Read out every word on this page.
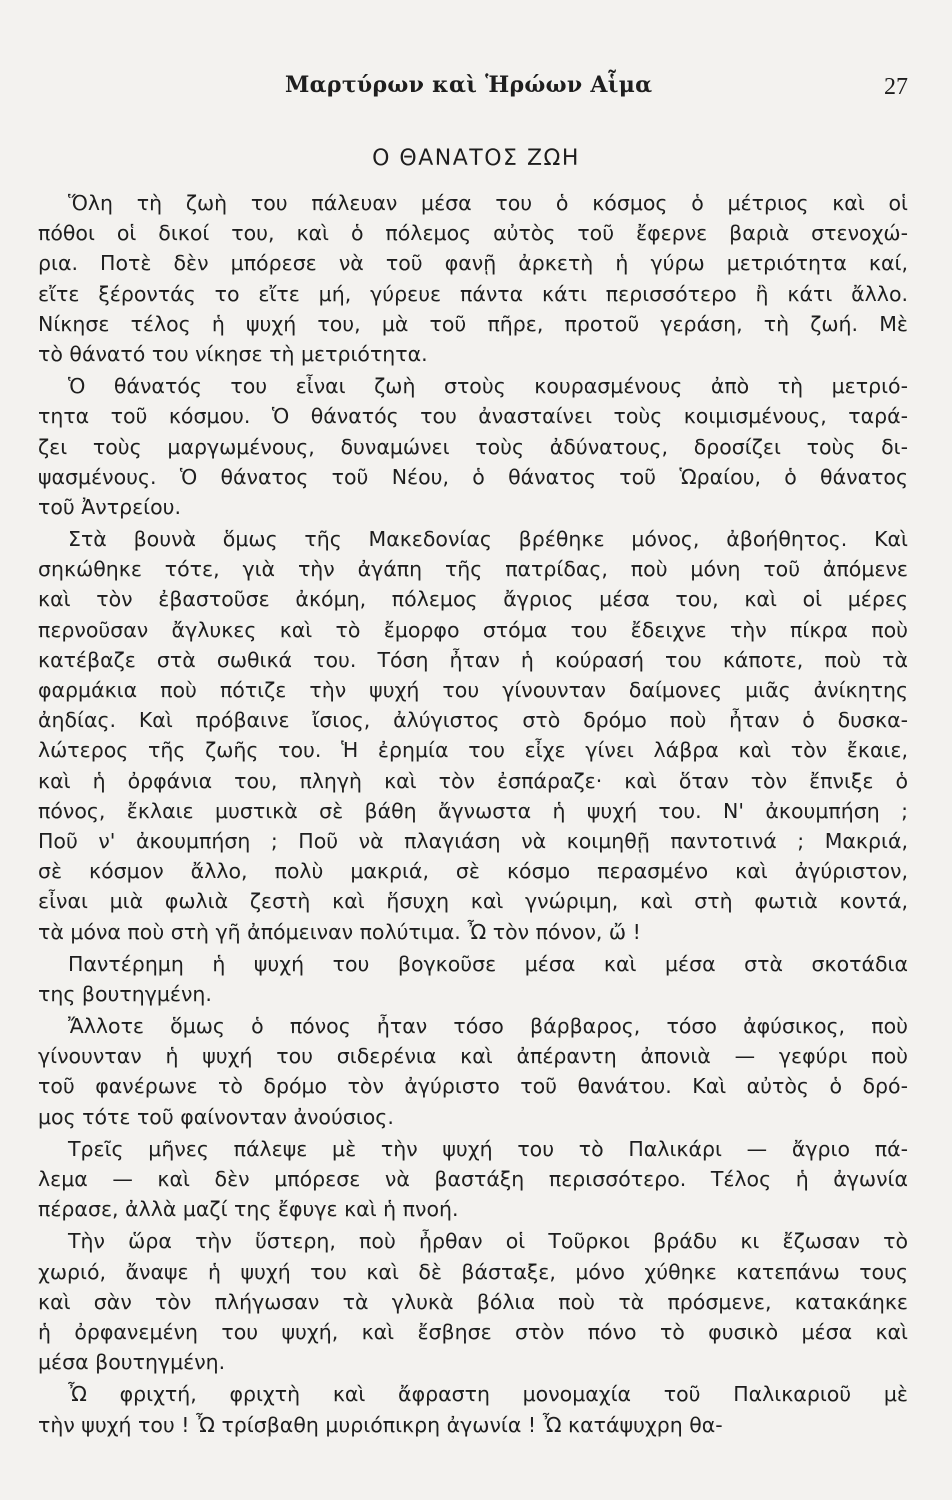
Μαρτύρων καὶ Ἡρώων Αἷμα	27
Ο ΘΑΝΑΤΟΣ ΖΩΗ
Ὅλη τὴ ζωὴ του πάλευαν μέσα του ὁ κόσμος ὁ μέτριος καὶ οἱ
πόθοι οἱ δικοί του, καὶ ὁ πόλεμος αὐτὸς τοῦ ἔφερνε βαριὰ στενοχώ-
ρια. Ποτὲ δὲν μπόρεσε νὰ τοῦ φανῇ ἀρκετὴ ἡ γύρω μετριότητα καί,
εἴτε ξέροντάς το εἴτε μή, γύρευε πάντα κάτι περισσότερο ἢ κάτι ἄλλο.
Νίκησε τέλος ἡ ψυχή του, μὰ τοῦ πῆρε, προτοῦ γεράση, τὴ ζωή. Μὲ
τὸ θάνατό του νίκησε τὴ μετριότητα.
Ὁ θάνατός του εἶναι ζωὴ στοὺς κουρασμένους ἀπὸ τὴ μετριό-
τητα τοῦ κόσμου. Ὁ θάνατός του ἀνασταίνει τοὺς κοιμισμένους, ταρά-
ζει τοὺς μαργωμένους, δυναμώνει τοὺς ἀδύνατους, δροσίζει τοὺς δι-
ψασμένους. Ὁ θάνατος τοῦ Νέου, ὁ θάνατος τοῦ Ὡραίου, ὁ θάνατος
τοῦ Ἀντρείου.
Στὰ βουνὰ ὅμως τῆς Μακεδονίας βρέθηκε μόνος, ἀβοήθητος. Καὶ
σηκώθηκε τότε, γιὰ τὴν ἀγάπη τῆς πατρίδας, ποὺ μόνη τοῦ ἀπόμενε
καὶ τὸν ἐβαστοῦσε ἀκόμη, πόλεμος ἄγριος μέσα του, καὶ οἱ μέρες
περνοῦσαν ἄγλυκες καὶ τὸ ἔμορφο στόμα του ἔδειχνε τὴν πίκρα ποὺ
κατέβαζε στὰ σωθικά του. Τόση ἦταν ἡ κούρασή του κάποτε, ποὺ τὰ
φαρμάκια ποὺ πότιζε τὴν ψυχή του γίνουνταν δαίμονες μιᾶς ἀνίκητης
ἀηδίας. Καὶ πρόβαινε ἴσιος, ἀλύγιστος στὸ δρόμο ποὺ ἦταν ὁ δυσκα-
λώτερος τῆς ζωῆς του. Ἡ ἐρημία του εἶχε γίνει λάβρα καὶ τὸν ἔκαιε,
καὶ ἡ ὀρφάνια του, πληγὴ καὶ τὸν ἐσπάραζε· καὶ ὅταν τὸν ἔπνιξε ὁ
πόνος, ἔκλαιε μυστικὰ σὲ βάθη ἄγνωστα ἡ ψυχή του. Ν' ἀκουμπήση ;
Ποῦ ν' ἀκουμπήση ; Ποῦ νὰ πλαγιάση νὰ κοιμηθῇ παντοτινά ; Μακριά,
σὲ κόσμον ἄλλο, πολὺ μακριά, σὲ κόσμο περασμένο καὶ ἀγύριστον,
εἶναι μιὰ φωλιὰ ζεστὴ καὶ ἥσυχη καὶ γνώριμη, καὶ στὴ φωτιὰ κοντά,
τὰ μόνα ποὺ στὴ γῆ ἀπόμειναν πολύτιμα. Ὦ τὸν πόνον, ὤ !
Παντέρημη ἡ ψυχή του βογκοῦσε μέσα καὶ μέσα στὰ σκοτάδια
της βουτηγμένη.
Ἄλλοτε ὅμως ὁ πόνος ἦταν τόσο βάρβαρος, τόσο ἀφύσικος, ποὺ
γίνουνταν ἡ ψυχή του σιδερένια καὶ ἀπέραντη ἀπονιὰ — γεφύρι ποὺ
τοῦ φανέρωνε τὸ δρόμο τὸν ἀγύριστο τοῦ θανάτου. Καὶ αὐτὸς ὁ δρό-
μος τότε τοῦ φαίνονταν ἀνούσιος.
Τρεῖς μῆνες πάλεψε μὲ τὴν ψυχή του τὸ Παλικάρι — ἄγριο πά-
λεμα — καὶ δὲν μπόρεσε νὰ βαστάξη περισσότερο. Τέλος ἡ ἀγωνία
πέρασε, ἀλλὰ μαζί της ἔφυγε καὶ ἡ πνοή.
Τὴν ὥρα τὴν ὕστερη, ποὺ ἦρθαν οἱ Τοῦρκοι βράδυ κι ἔζωσαν τὸ
χωριό, ἄναψε ἡ ψυχή του καὶ δὲ βάσταξε, μόνο χύθηκε κατεπάνω τους
καὶ σὰν τὸν πλήγωσαν τὰ γλυκὰ βόλια ποὺ τὰ πρόσμενε, κατακάηκε
ἡ ὀρφανεμένη του ψυχή, καὶ ἔσβησε στὸν πόνο τὸ φυσικὸ μέσα καὶ
μέσα βουτηγμένη.
Ὦ φριχτή, φριχτὴ καὶ ἄφραστη μονομαχία τοῦ Παλικαριοῦ μὲ
τὴν ψυχή του ! Ὦ τρίσβαθη μυριόπικρη ἀγωνία ! Ὦ κατάψυχρη θα-
